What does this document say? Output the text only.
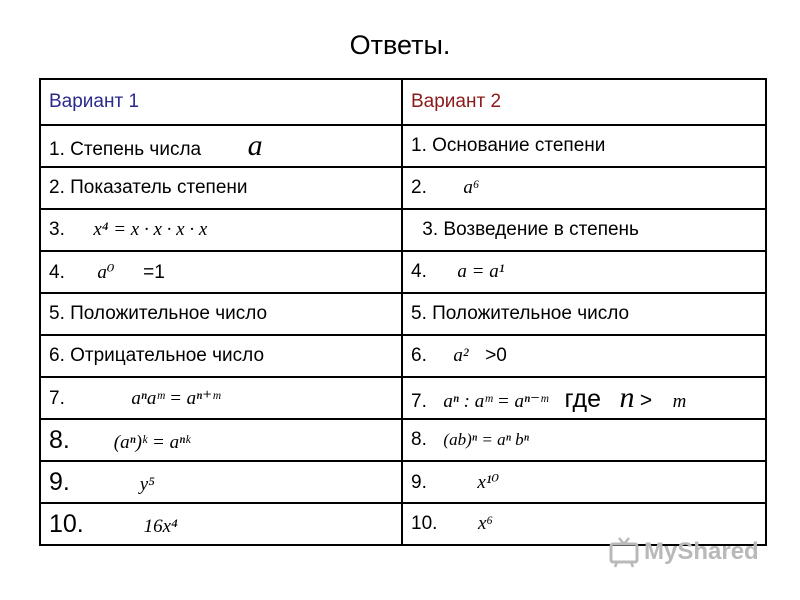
Ответы.
Вариант 1	Вариант 2
1. Степень числа a	1. Основание степени
2. Показатель степени	2. a⁶
3. x⁴ = x · x · x · x	3. Возведение в степень
4. a⁰ =1	4. a = a¹
5. Положительное число	5. Положительное число
6. Отрицательное число	6. a² >0
7. aⁿaᵐ = aⁿ⁺ᵐ	7. aⁿ : aᵐ = aⁿ⁻ᵐ где n > m
8. (aⁿ)ᵏ = aⁿᵏ	8. (ab)ⁿ = aⁿ bⁿ
9. y⁵	9. x¹⁰
10. 16x⁴	10. x⁶
MyShared
